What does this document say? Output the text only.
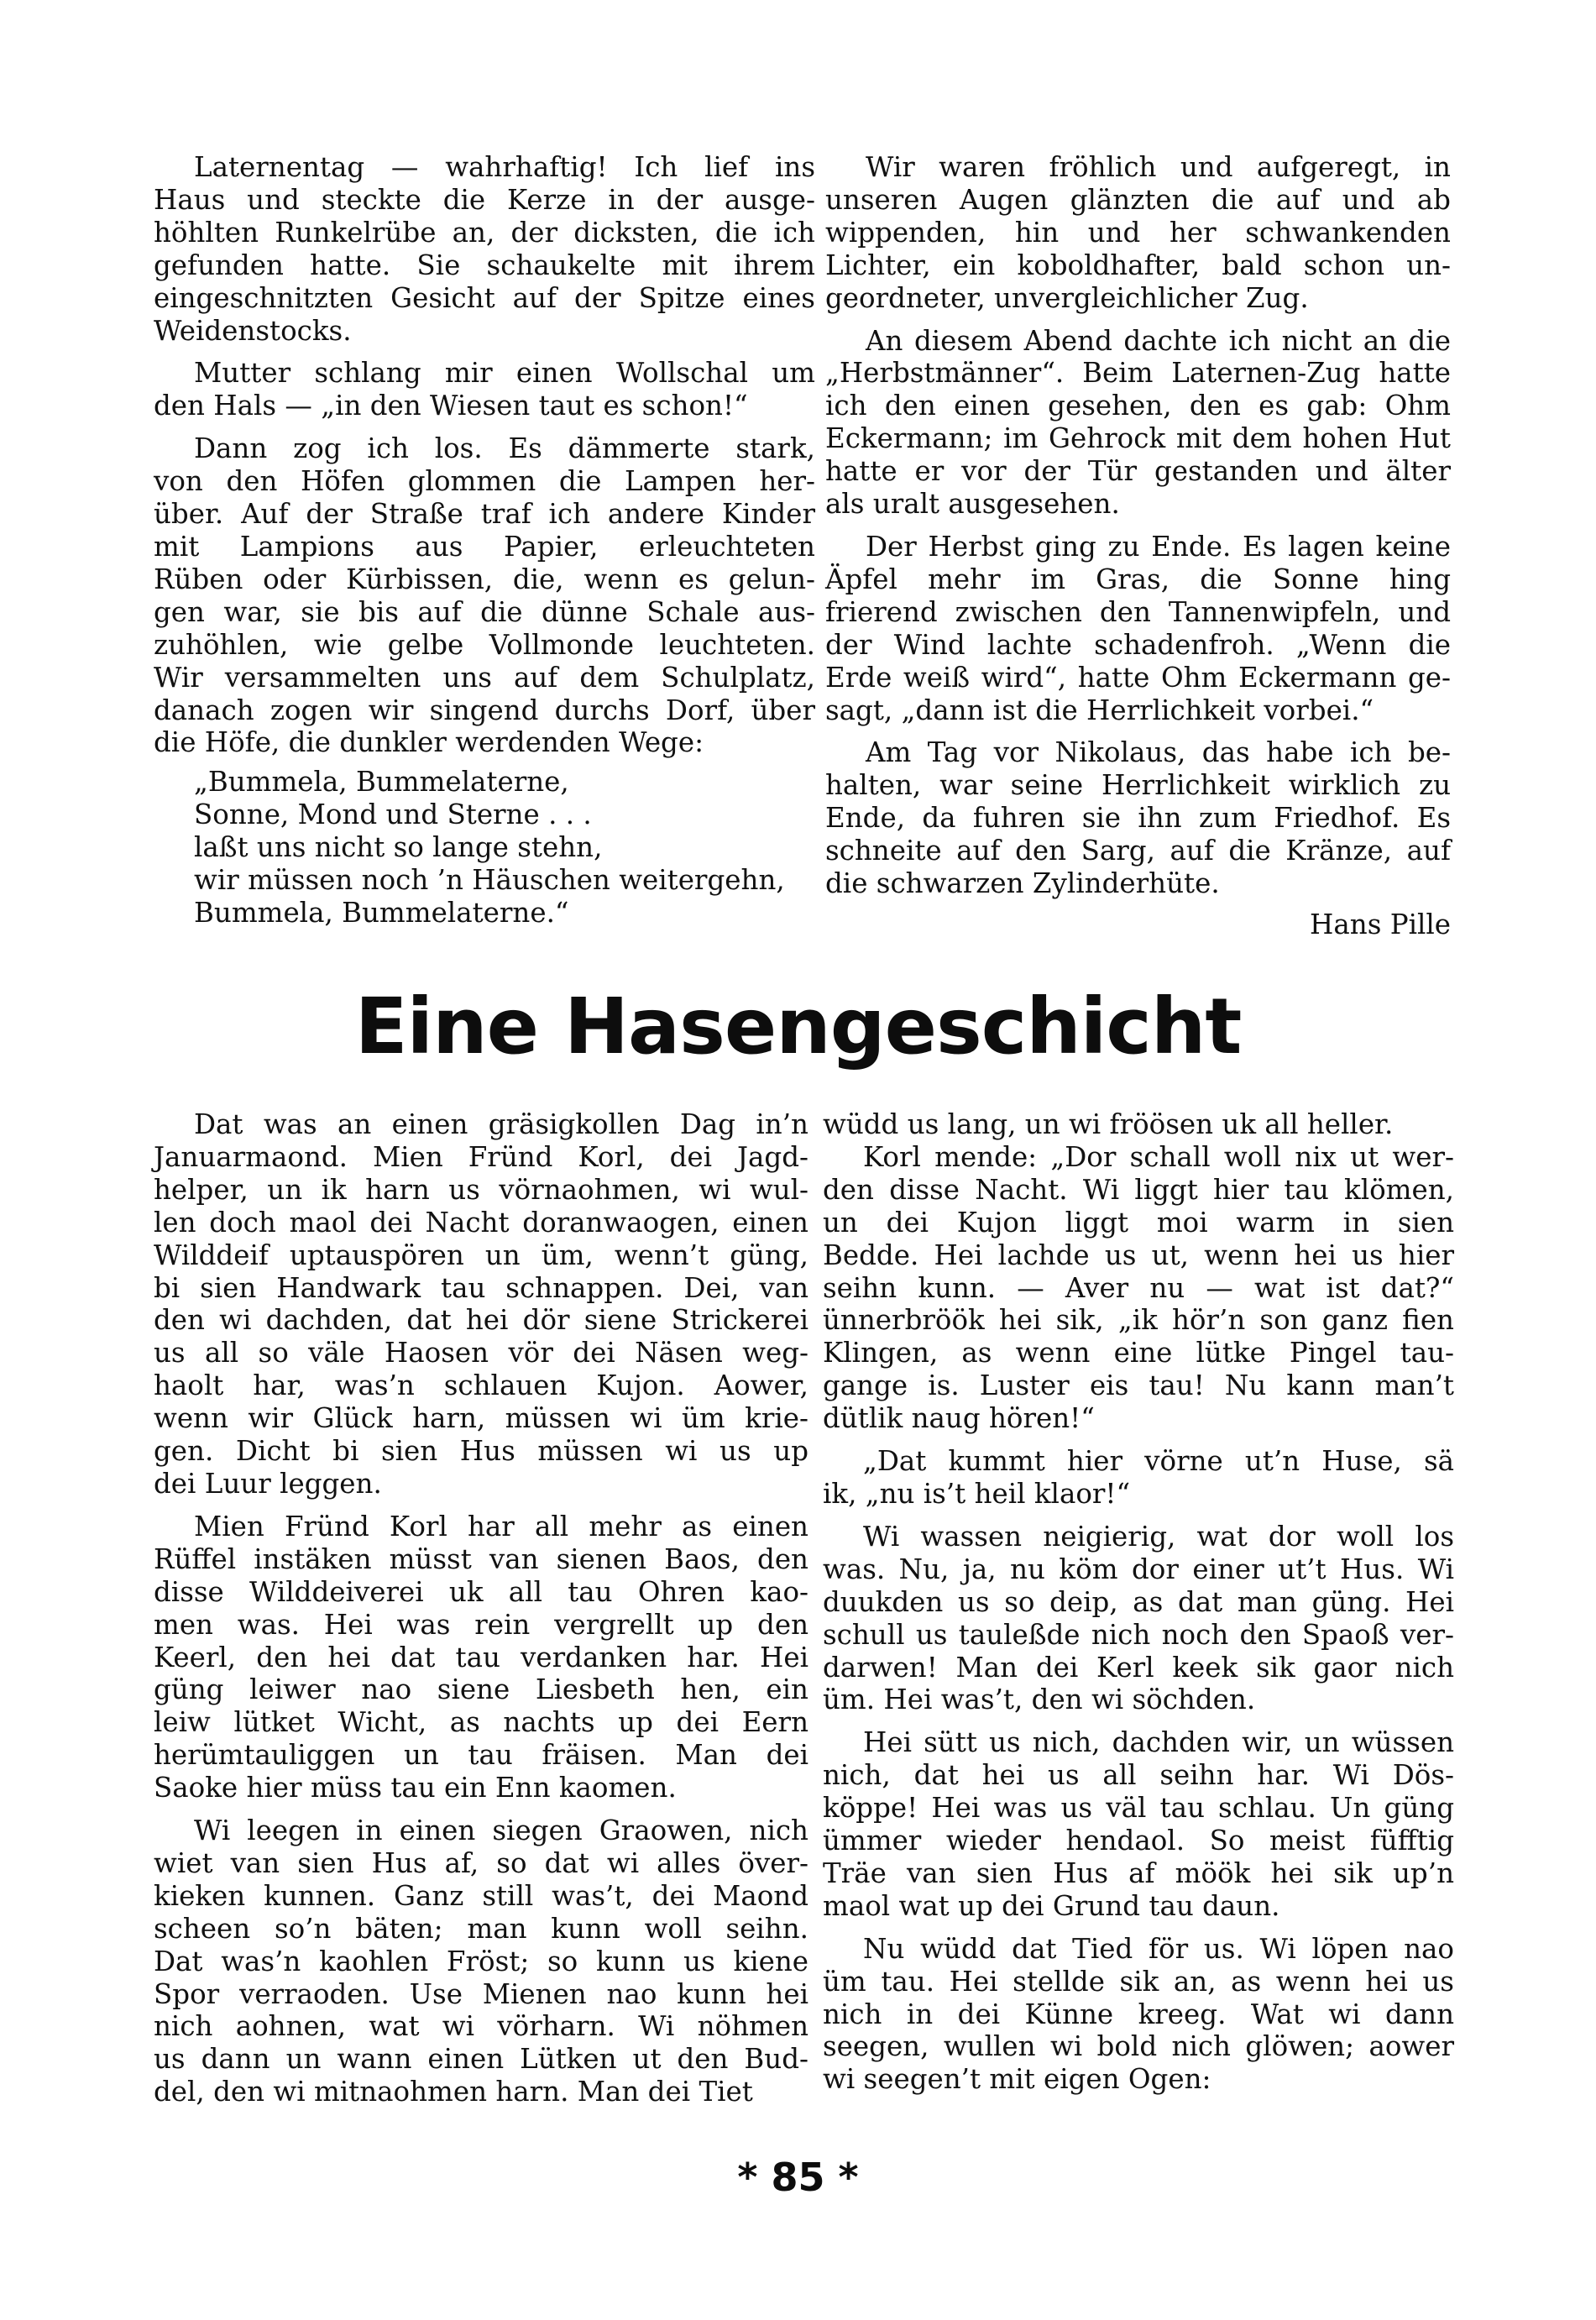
Laternentag — wahrhaftig! Ich lief ins
Haus und steckte die Kerze in der ausge-
höhlten Runkelrübe an, der dicksten, die ich
gefunden hatte. Sie schaukelte mit ihrem
eingeschnitzten Gesicht auf der Spitze eines
Weidenstocks.

Mutter schlang mir einen Wollschal um
den Hals — „in den Wiesen taut es schon!“

Dann zog ich los. Es dämmerte stark,
von den Höfen glommen die Lampen her-
über. Auf der Straße traf ich andere Kinder
mit Lampions aus Papier, erleuchteten
Rüben oder Kürbissen, die, wenn es gelun-
gen war, sie bis auf die dünne Schale aus-
zuhöhlen, wie gelbe Vollmonde leuchteten.
Wir versammelten uns auf dem Schulplatz,
danach zogen wir singend durchs Dorf, über
die Höfe, die dunkler werdenden Wege:

„Bummela, Bummelaterne,
Sonne, Mond und Sterne . . .
laßt uns nicht so lange stehn,
wir müssen noch ’n Häuschen weitergehn,
Bummela, Bummelaterne.“

Wir waren fröhlich und aufgeregt, in
unseren Augen glänzten die auf und ab
wippenden, hin und her schwankenden
Lichter, ein koboldhafter, bald schon un-
geordneter, unvergleichlicher Zug.

An diesem Abend dachte ich nicht an die
„Herbstmänner“. Beim Laternen-Zug hatte
ich den einen gesehen, den es gab: Ohm
Eckermann; im Gehrock mit dem hohen Hut
hatte er vor der Tür gestanden und älter
als uralt ausgesehen.

Der Herbst ging zu Ende. Es lagen keine
Äpfel mehr im Gras, die Sonne hing
frierend zwischen den Tannenwipfeln, und
der Wind lachte schadenfroh. „Wenn die
Erde weiß wird“, hatte Ohm Eckermann ge-
sagt, „dann ist die Herrlichkeit vorbei.“

Am Tag vor Nikolaus, das habe ich be-
halten, war seine Herrlichkeit wirklich zu
Ende, da fuhren sie ihn zum Friedhof. Es
schneite auf den Sarg, auf die Kränze, auf
die schwarzen Zylinderhüte.

Hans Pille

Eine Hasengeschicht

Dat was an einen gräsigkollen Dag in’n
Januarmaond. Mien Fründ Korl, dei Jagd-
helper, un ik harn us vörnaohmen, wi wul-
len doch maol dei Nacht doranwaogen, einen
Wilddeif uptauspören un üm, wenn’t güng,
bi sien Handwark tau schnappen. Dei, van
den wi dachden, dat hei dör siene Strickerei
us all so väle Haosen vör dei Näsen weg-
haolt har, was’n schlauen Kujon. Aower,
wenn wir Glück harn, müssen wi üm krie-
gen. Dicht bi sien Hus müssen wi us up
dei Luur leggen.

Mien Fründ Korl har all mehr as einen
Rüffel instäken müsst van sienen Baos, den
disse Wilddeiverei uk all tau Ohren kao-
men was. Hei was rein vergrellt up den
Keerl, den hei dat tau verdanken har. Hei
güng leiwer nao siene Liesbeth hen, ein
leiw lütket Wicht, as nachts up dei Eern
herümtauliggen un tau fräisen. Man dei
Saoke hier müss tau ein Enn kaomen.

Wi leegen in einen siegen Graowen, nich
wiet van sien Hus af, so dat wi alles över-
kieken kunnen. Ganz still was’t, dei Maond
scheen so’n bäten; man kunn woll seihn.
Dat was’n kaohlen Fröst; so kunn us kiene
Spor verraoden. Use Mienen nao kunn hei
nich aohnen, wat wi vörharn. Wi nöhmen
us dann un wann einen Lütken ut den Bud-
del, den wi mitnaohmen harn. Man dei Tiet

wüdd us lang, un wi fröösen uk all heller.

Korl mende: „Dor schall woll nix ut wer-
den disse Nacht. Wi liggt hier tau klömen,
un dei Kujon liggt moi warm in sien
Bedde. Hei lachde us ut, wenn hei us hier
seihn kunn. — Aver nu — wat ist dat?“
ünnerbröök hei sik, „ik hör’n son ganz fien
Klingen, as wenn eine lütke Pingel tau-
gange is. Luster eis tau! Nu kann man’t
dütlik naug hören!“

„Dat kummt hier vörne ut’n Huse, sä
ik, „nu is’t heil klaor!“

Wi wassen neigierig, wat dor woll los
was. Nu, ja, nu köm dor einer ut’t Hus. Wi
duukden us so deip, as dat man güng. Hei
schull us tauleßde nich noch den Spaoß ver-
darwen! Man dei Kerl keek sik gaor nich
üm. Hei was’t, den wi söchden.

Hei sütt us nich, dachden wir, un wüssen
nich, dat hei us all seihn har. Wi Dös-
köppe! Hei was us väl tau schlau. Un güng
ümmer wieder hendaol. So meist füfftig
Träe van sien Hus af möök hei sik up’n
maol wat up dei Grund tau daun.

Nu wüdd dat Tied för us. Wi löpen nao
üm tau. Hei stellde sik an, as wenn hei us
nich in dei Künne kreeg. Wat wi dann
seegen, wullen wi bold nich glöwen; aower
wi seegen’t mit eigen Ogen:

* 85 *
